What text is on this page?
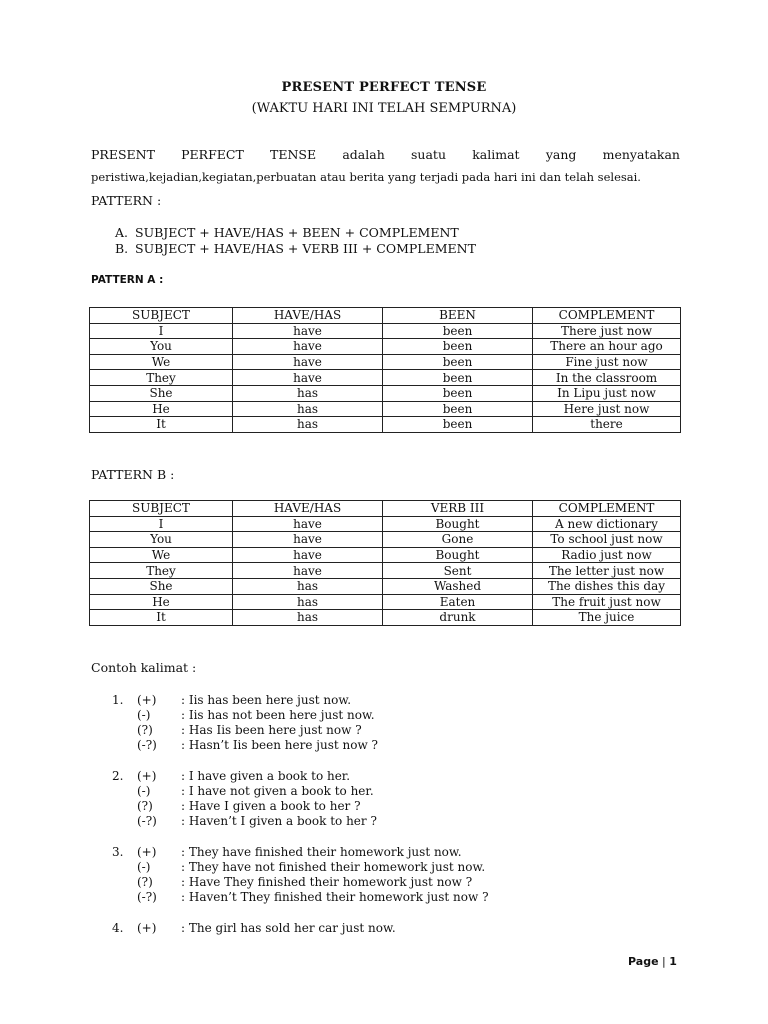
PRESENT PERFECT TENSE
(WAKTU HARI INI TELAH SEMPURNA)
PRESENT PERFECT TENSE adalah suatu kalimat yang menyatakan
peristiwa,kejadian,kegiatan,perbuatan atau berita yang terjadi pada hari ini dan telah selesai.
PATTERN :
A. SUBJECT + HAVE/HAS + BEEN + COMPLEMENT
B. SUBJECT + HAVE/HAS + VERB III + COMPLEMENT
PATTERN A :
SUBJECT	HAVE/HAS	BEEN	COMPLEMENT
I	have	been	There just now
You	have	been	There an hour ago
We	have	been	Fine just now
They	have	been	In the classroom
She	has	been	In Lipu just now
He	has	been	Here just now
It	has	been	there
PATTERN B :
SUBJECT	HAVE/HAS	VERB III	COMPLEMENT
I	have	Bought	A new dictionary
You	have	Gone	To school just now
We	have	Bought	Radio just now
They	have	Sent	The letter just now
She	has	Washed	The dishes this day
He	has	Eaten	The fruit just now
It	has	drunk	The juice
Contoh kalimat :
1. (+) : Iis has been here just now.
(-)	: Iis has not been here just now.
(?) : Has Iis been here just now ?
(-?) : Hasn’t Iis been here just now ?
2. (+) : I have given a book to her.
(-)	: I have not given a book to her.
(?) : Have I given a book to her ?
(-?) : Haven’t I given a book to her ?
3. (+) : They have finished their homework just now.
(-)	: They have not finished their homework just now.
(?) : Have They finished their homework just now ?
(-?) : Haven’t They finished their homework just now ?
4. (+) : The girl has sold her car just now.
Page | 1
